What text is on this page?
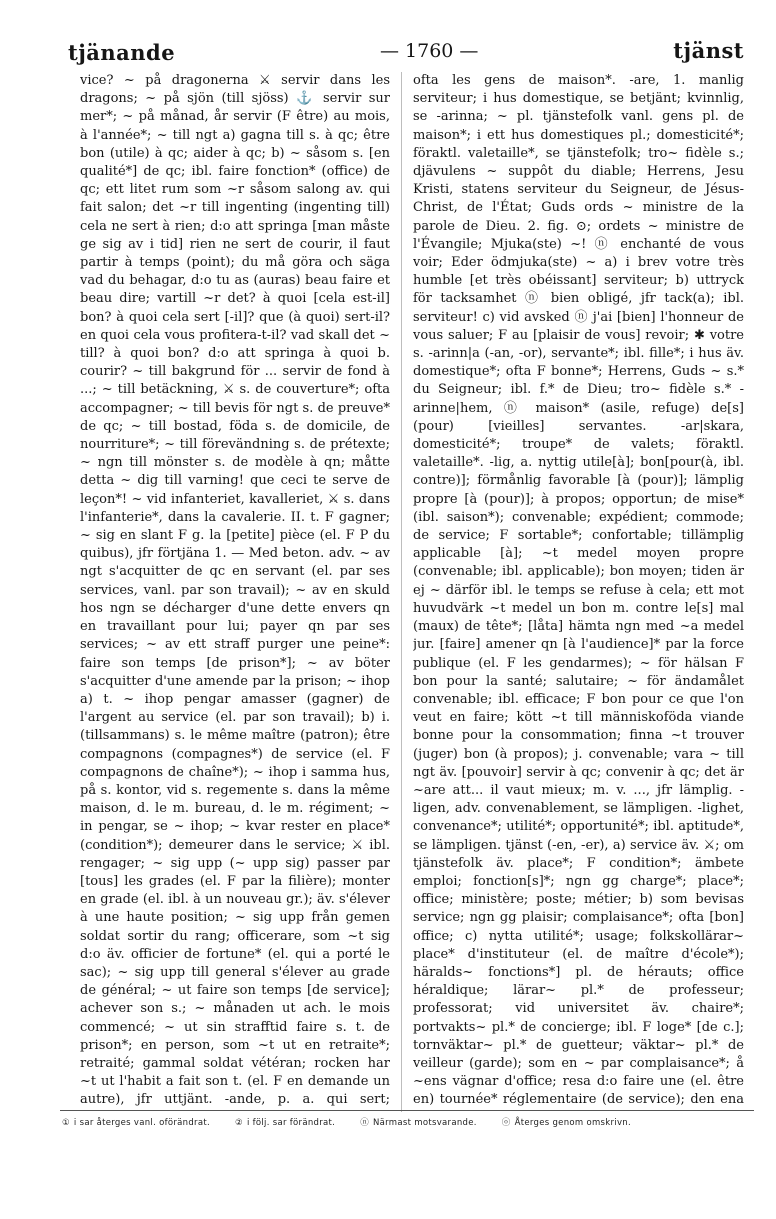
tjänande	— 1760 —	tjänst

vice? ~ på dragonerna ⚔ servir dans les dragons; ~ på sjön (till sjöss) ⚓ servir sur mer*; ~ på månad, år servir (F être) au mois, à l'année*; ~ till ngt a) gagna till s. à qc; être bon (utile) à qc; aider à qc; b) ~ såsom s. [en qualité*] de qc; ibl. faire fonction* (office) de qc; ett litet rum som ~r såsom salong av. qui fait salon; det ~r till ingenting (ingenting till) cela ne sert à rien; d:o att springa [man måste ge sig av i tid] rien ne sert de courir, il faut partir à temps (point); du må göra och säga vad du behagar, d:o tu as (auras) beau faire et beau dire; vartill ~r det? à quoi [cela est-il] bon? à quoi cela sert [-il]? que (à quoi) sert-il? en quoi cela vous profitera-t-il? vad skall det ~ till? à quoi bon? d:o att springa à quoi b. courir? ~ till bakgrund för ... servir de fond à ...; ~ till betäckning, ⚔ s. de couverture*; ofta accompagner; ~ till bevis för ngt s. de preuve* de qc; ~ till bostad, föda s. de domicile, de nourriture*; ~ till förevändning s. de prétexte; ~ ngn till mönster s. de modèle à qn; måtte detta ~ dig till varning! que ceci te serve de leçon*! ~ vid infanteriet, kavalleriet, ⚔ s. dans l'infanterie*, dans la cavalerie. II. t. F gagner; ~ sig en slant F g. la [petite] pièce (el. F P du quibus), jfr förtjäna 1. — Med beton. adv. ~ av ngt s'acquitter de qc en servant (el. par ses services, vanl. par son travail); ~ av en skuld hos ngn se décharger d'une dette envers qn en travaillant pour lui; payer qn par ses services; ~ av ett straff purger une peine*: faire son temps [de prison*]; ~ av böter s'acquitter d'une amende par la prison; ~ ihop a) t. ~ ihop pengar amasser (gagner) de l'argent au service (el. par son travail); b) i. (tillsammans) s. le même maître (patron); être compagnons (compagnes*) de service (el. F compagnons de chaîne*); ~ ihop i samma hus, på s. kontor, vid s. regemente s. dans la même maison, d. le m. bureau, d. le m. régiment; ~ in pengar, se ~ ihop; ~ kvar rester en place* (condition*); demeurer dans le service; ⚔ ibl. rengager; ~ sig upp (~ upp sig) passer par [tous] les grades (el. F par la filière); monter en grade (el. ibl. à un nouveau gr.); äv. s'élever à une haute position; ~ sig upp från gemen soldat sortir du rang; officerare, som ~t sig d:o äv. officier de fortune* (el. qui a porté le sac); ~ sig upp till general s'élever au grade de général; ~ ut faire son temps [de service]; achever son s.; ~ månaden ut ach. le mois commencé; ~ ut sin strafftid faire s. t. de prison*; en person, som ~t ut en retraite*; retraité; gammal soldat vétéran; rocken har ~t ut l'habit a fait son t. (el. F en demande un autre), jfr uttjänt. -ande, p. a. qui sert;

ofta les gens de maison*. -are, 1. manlig serviteur; i hus domestique, se betjänt; kvinnlig, se -arinna; ~ pl. tjänstefolk vanl. gens pl. de maison*; i ett hus domestiques pl.; domesticité*; föraktl. valetaille*, se tjänstefolk; tro~ fidèle s.; djävulens ~ suppôt du diable; Herrens, Jesu Kristi, statens serviteur du Seigneur, de Jésus-Christ, de l'État; Guds ords ~ ministre de la parole de Dieu. 2. fig. ⊙; ordets ~ ministre de l'Évangile; Mjuka(ste) ~! ⓝ enchanté de vous voir; Eder ödmjuka(ste) ~ a) i brev votre très humble [et très obéissant] serviteur; b) uttryck för tacksamhet ⓝ bien obligé, jfr tack(a); ibl. serviteur! c) vid avsked ⓝ j'ai [bien] l'honneur de vous saluer; F au [plaisir de vous] revoir; ✱ votre s. -arinn|a (-an, -or), servante*; ibl. fille*; i hus äv. domestique*; ofta F bonne*; Herrens, Guds ~ s.* du Seigneur; ibl. f.* de Dieu; tro~ fidèle s.* -arinne|hem, ⓝ maison* (asile, refuge) de[s] (pour) [vieilles] servantes. -ar|skara, domesticité*; troupe* de valets; föraktl. valetaille*. -lig, a. nyttig utile[à]; bon[pour(à, ibl. contre)]; förmånlig favorable [à (pour)]; lämplig propre [à (pour)]; à propos; opportun; de mise* (ibl. saison*); convenable; expédient; commode; de service; F sortable*; confortable; tillämplig applicable [à]; ~t medel moyen propre (convenable; ibl. applicable); bon moyen; tiden är ej ~ därför ibl. le temps se refuse à cela; ett mot huvudvärk ~t medel un bon m. contre le[s] mal (maux) de tête*; [låta] hämta ngn med ~a medel jur. [faire] amener qn [à l'audience]* par la force publique (el. F les gendarmes); ~ för hälsan F bon pour la santé; salutaire; ~ för ändamålet convenable; ibl. efficace; F bon pour ce que l'on veut en faire; kött ~t till människoföda viande bonne pour la consommation; finna ~t trouver (juger) bon (à propos); j. convenable; vara ~ till ngt äv. [pouvoir] servir à qc; convenir à qc; det är ~are att... il vaut mieux; m. v. ..., jfr lämplig. -ligen, adv. convenablement, se lämpligen. -lighet, convenance*; utilité*; opportunité*; ibl. aptitude*, se lämpligen. tjänst (-en, -er), a) service äv. ⚔; om tjänstefolk äv. place*; F condition*; ämbete emploi; fonction[s]*; ngn gg charge*; place*; office; ministère; poste; métier; b) som bevisas service; ngn gg plaisir; complaisance*; ofta [bon] office; c) nytta utilité*; usage; folkskollärar~ place* d'instituteur (el. de maître d'école*); häralds~ fonctions*] pl. de hérauts; office héraldique; lärar~ pl.* de professeur; professorat; vid universitet äv. chaire*; portvakts~ pl.* de concierge; ibl. F loge* [de c.]; tornväktar~ pl.* de guetteur; väktar~ pl.* de veilleur (garde); som en ~ par complaisance*; å ~ens vägnar d'office; resa d:o faire une (el. être en) tournée* réglementaire (de service); den ena

① i sar återges vanl. oförändrat.	② i följ. sar förändrat.	ⓝ Närmast motsvarande.	ⓞ Återges genom omskrivn.
